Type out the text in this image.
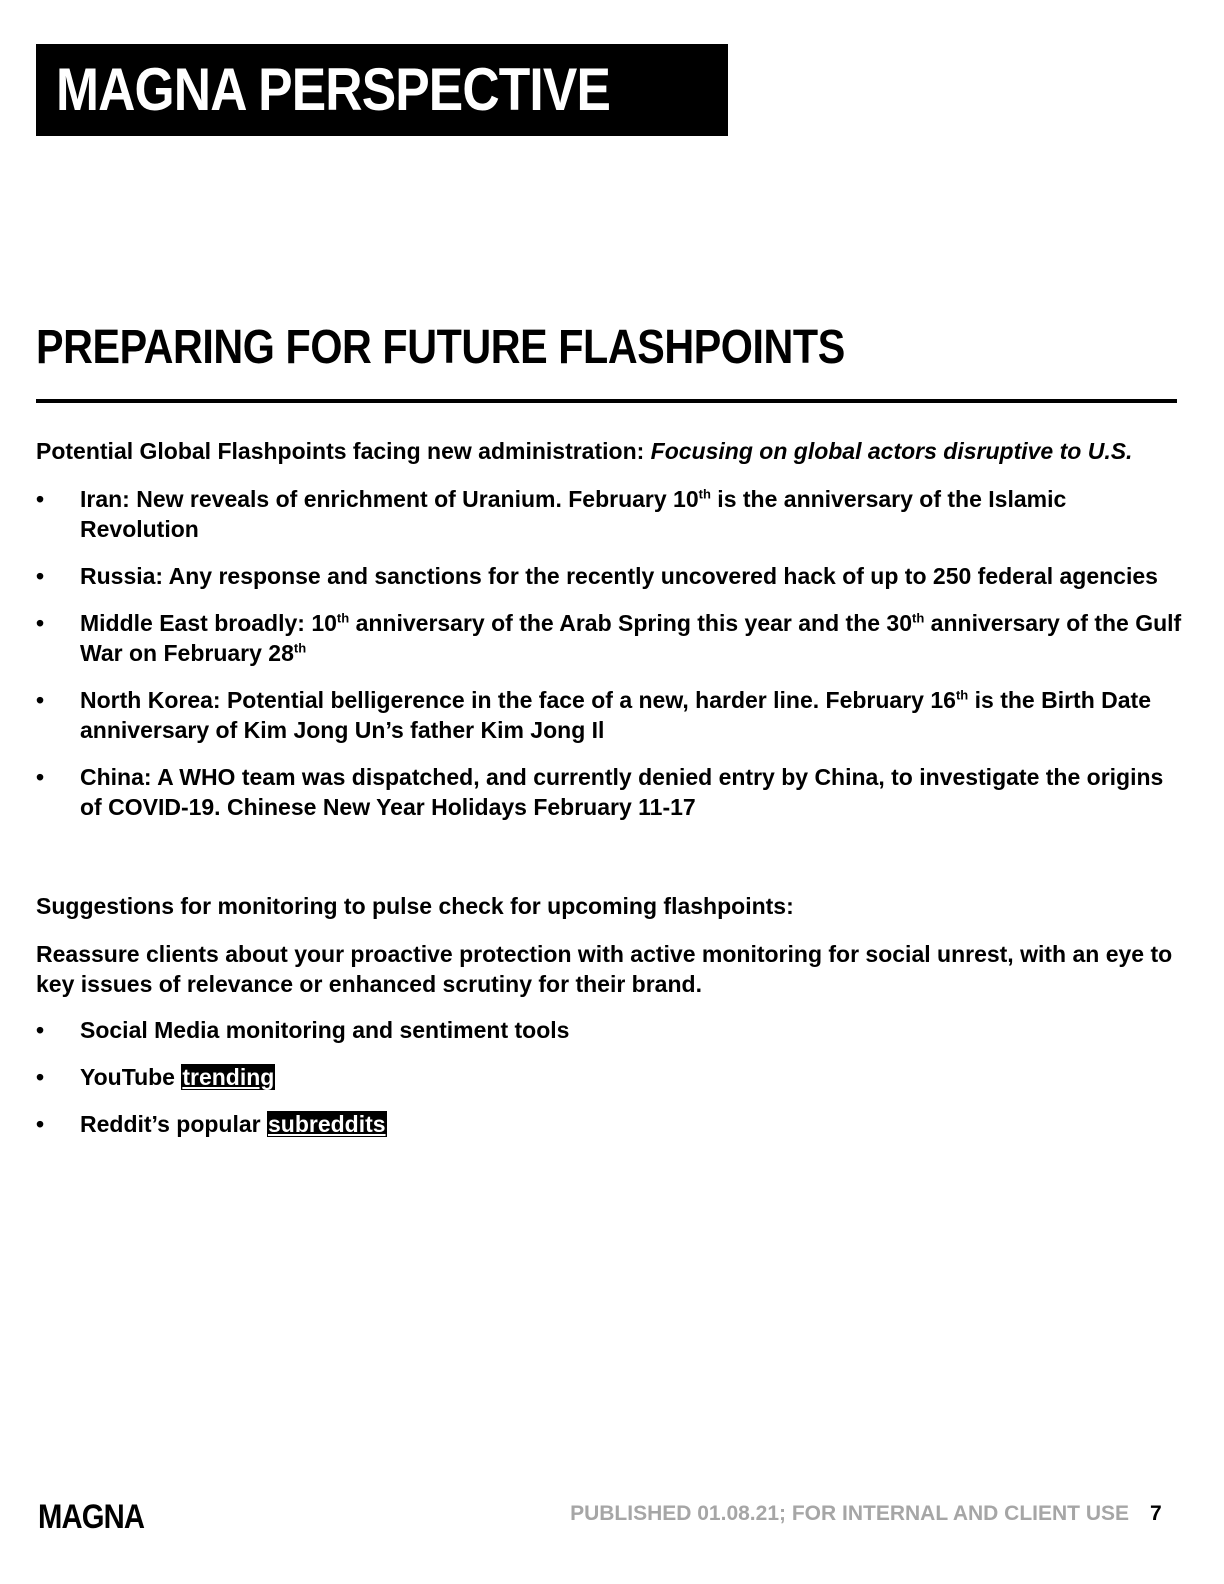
MAGNA PERSPECTIVE
PREPARING FOR FUTURE FLASHPOINTS

Potential Global Flashpoints facing new administration: Focusing on global actors disruptive to U.S.

• Iran: New reveals of enrichment of Uranium. February 10th is the anniversary of the Islamic Revolution
• Russia: Any response and sanctions for the recently uncovered hack of up to 250 federal agencies
• Middle East broadly: 10th anniversary of the Arab Spring this year and the 30th anniversary of the Gulf War on February 28th
• North Korea: Potential belligerence in the face of a new, harder line. February 16th is the Birth Date anniversary of Kim Jong Un’s father Kim Jong Il
• China: A WHO team was dispatched, and currently denied entry by China, to investigate the origins of COVID-19. Chinese New Year Holidays February 11-17

Suggestions for monitoring to pulse check for upcoming flashpoints:

Reassure clients about your proactive protection with active monitoring for social unrest, with an eye to key issues of relevance or enhanced scrutiny for their brand.

• Social Media monitoring and sentiment tools
• YouTube trending
• Reddit’s popular subreddits
MAGNA	PUBLISHED 01.08.21; FOR INTERNAL AND CLIENT USE 7
